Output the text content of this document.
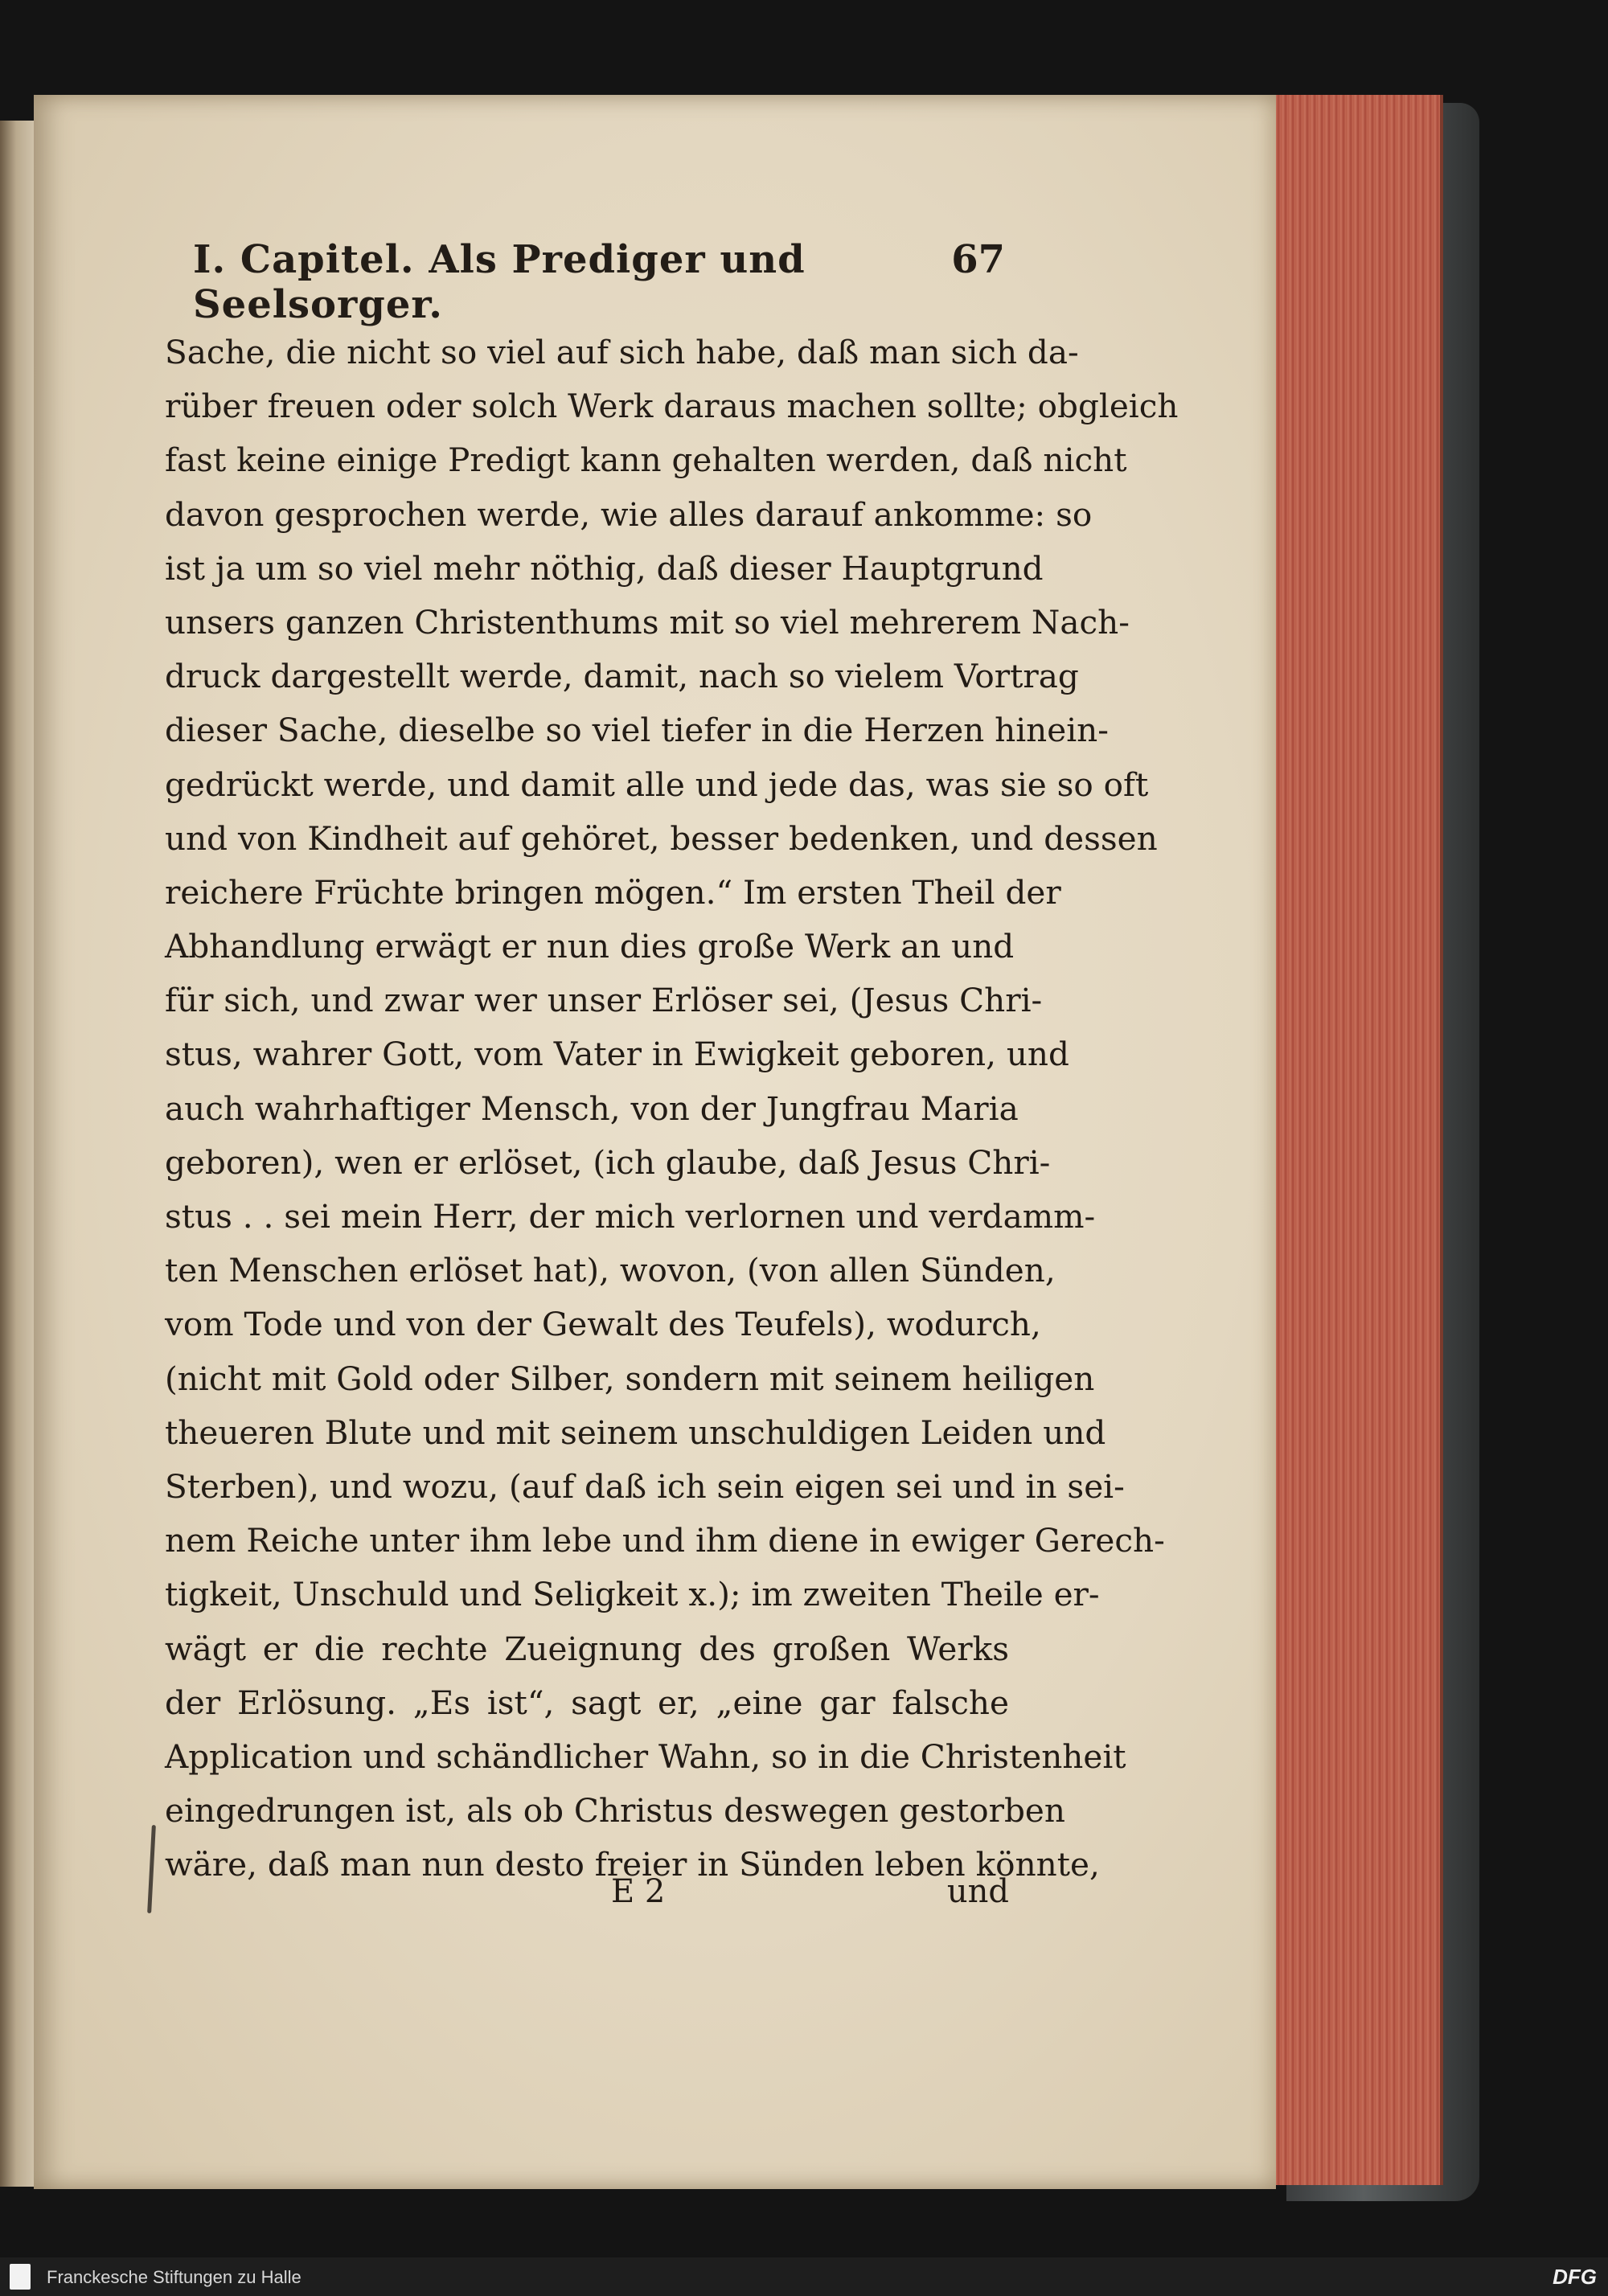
I. Capitel. Als Prediger und Seelsorger.
67
Sache, die nicht so viel auf sich habe, daß man sich da-
rüber freuen oder solch Werk daraus machen sollte; obgleich
fast keine einige Predigt kann gehalten werden, daß nicht
davon gesprochen werde, wie alles darauf ankomme: so
ist ja um so viel mehr nöthig, daß dieser Hauptgrund
unsers ganzen Christenthums mit so viel mehrerem Nach-
druck dargestellt werde, damit, nach so vielem Vortrag
dieser Sache, dieselbe so viel tiefer in die Herzen hinein-
gedrückt werde, und damit alle und jede das, was sie so oft
und von Kindheit auf gehöret, besser bedenken, und dessen
reichere Früchte bringen mögen.“ Im ersten Theil der
Abhandlung erwägt er nun dies große Werk an und
für sich, und zwar wer unser Erlöser sei, (Jesus Chri-
stus, wahrer Gott, vom Vater in Ewigkeit geboren, und
auch wahrhaftiger Mensch, von der Jungfrau Maria
geboren), wen er erlöset, (ich glaube, daß Jesus Chri-
stus . . sei mein Herr, der mich verlornen und verdamm-
ten Menschen erlöset hat), wovon, (von allen Sünden,
vom Tode und von der Gewalt des Teufels), wodurch,
(nicht mit Gold oder Silber, sondern mit seinem heiligen
theueren Blute und mit seinem unschuldigen Leiden und
Sterben), und wozu, (auf daß ich sein eigen sei und in sei-
nem Reiche unter ihm lebe und ihm diene in ewiger Gerech-
tigkeit, Unschuld und Seligkeit x.); im zweiten Theile er-
wägt er die rechte Zueignung des großen Werks
der Erlösung. „Es ist“, sagt er, „eine gar falsche
Application und schändlicher Wahn, so in die Christenheit
eingedrungen ist, als ob Christus deswegen gestorben
wäre, daß man nun desto freier in Sünden leben könnte,
E 2	und
Franckesche Stiftungen zu Halle	DFG
